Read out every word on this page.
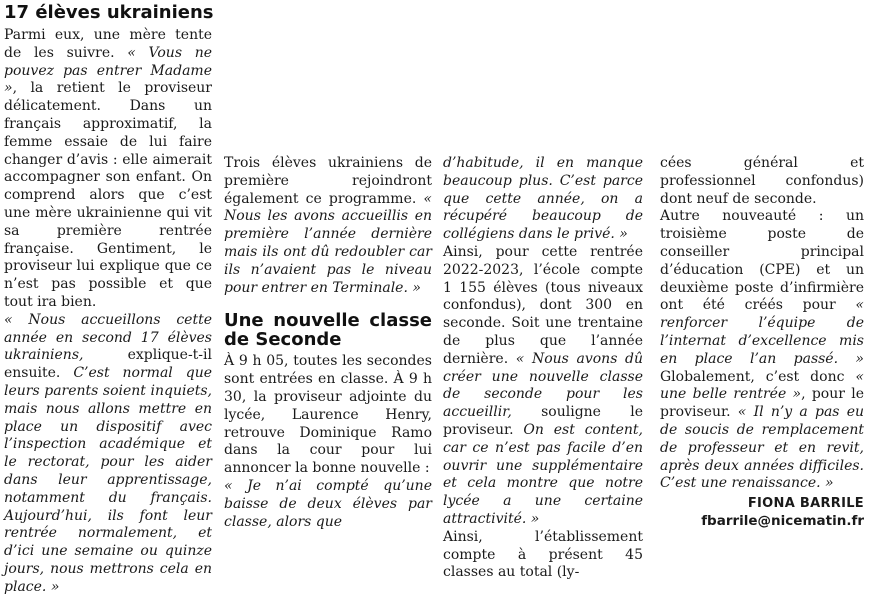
17 élèves ukrainiens

Parmi eux, une mère tente de les suivre. « Vous ne pouvez pas entrer Madame », la retient le proviseur délicatement. Dans un français approximatif, la femme essaie de lui faire changer d’avis : elle aimerait accompagner son enfant. On comprend alors que c’est une mère ukrainienne qui vit sa première rentrée française. Gentiment, le proviseur lui explique que ce n’est pas possible et que tout ira bien.

« Nous accueillons cette année en second 17 élèves ukrainiens, explique-t-il ensuite. C’est normal que leurs parents soient inquiets, mais nous allons mettre en place un dispositif avec l’inspection académique et le rectorat, pour les aider dans leur apprentissage, notamment du français. Aujourd’hui, ils font leur rentrée normalement, et d’ici une semaine ou quinze jours, nous mettrons cela en place. »

Trois élèves ukrainiens de première rejoindront également ce programme. « Nous les avons accueillis en première l’année dernière mais ils ont dû redoubler car ils n’avaient pas le niveau pour entrer en Terminale. »

Une nouvelle classe de Seconde

À 9 h 05, toutes les secondes sont entrées en classe. À 9 h 30, la proviseur adjointe du lycée, Laurence Henry, retrouve Dominique Ramo dans la cour pour lui annoncer la bonne nouvelle :

« Je n’ai compté qu’une baisse de deux élèves par classe, alors que

d’habitude, il en manque beaucoup plus. C’est parce que cette année, on a récupéré beaucoup de collégiens dans le privé. »

Ainsi, pour cette rentrée 2022-2023, l’école compte 1 155 élèves (tous niveaux confondus), dont 300 en seconde. Soit une trentaine de plus que l’année dernière. « Nous avons dû créer une nouvelle classe de seconde pour les accueillir, souligne le proviseur. On est content, car ce n’est pas facile d’en ouvrir une supplémentaire et cela montre que notre lycée a une certaine attractivité. »

Ainsi, l’établissement compte à présent 45 classes au total (ly-

cées général et professionnel confondus) dont neuf de seconde.

Autre nouveauté : un troisième poste de conseiller principal d’éducation (CPE) et un deuxième poste d’infirmière ont été créés pour « renforcer l’équipe de l’internat d’excellence mis en place l’an passé. » Globalement, c’est donc « une belle rentrée », pour le proviseur. « Il n’y a pas eu de soucis de remplacement de professeur et en revit, après deux années difficiles. C’est une renaissance. »

FIONA BARRILE
fbarrile@nicematin.fr
